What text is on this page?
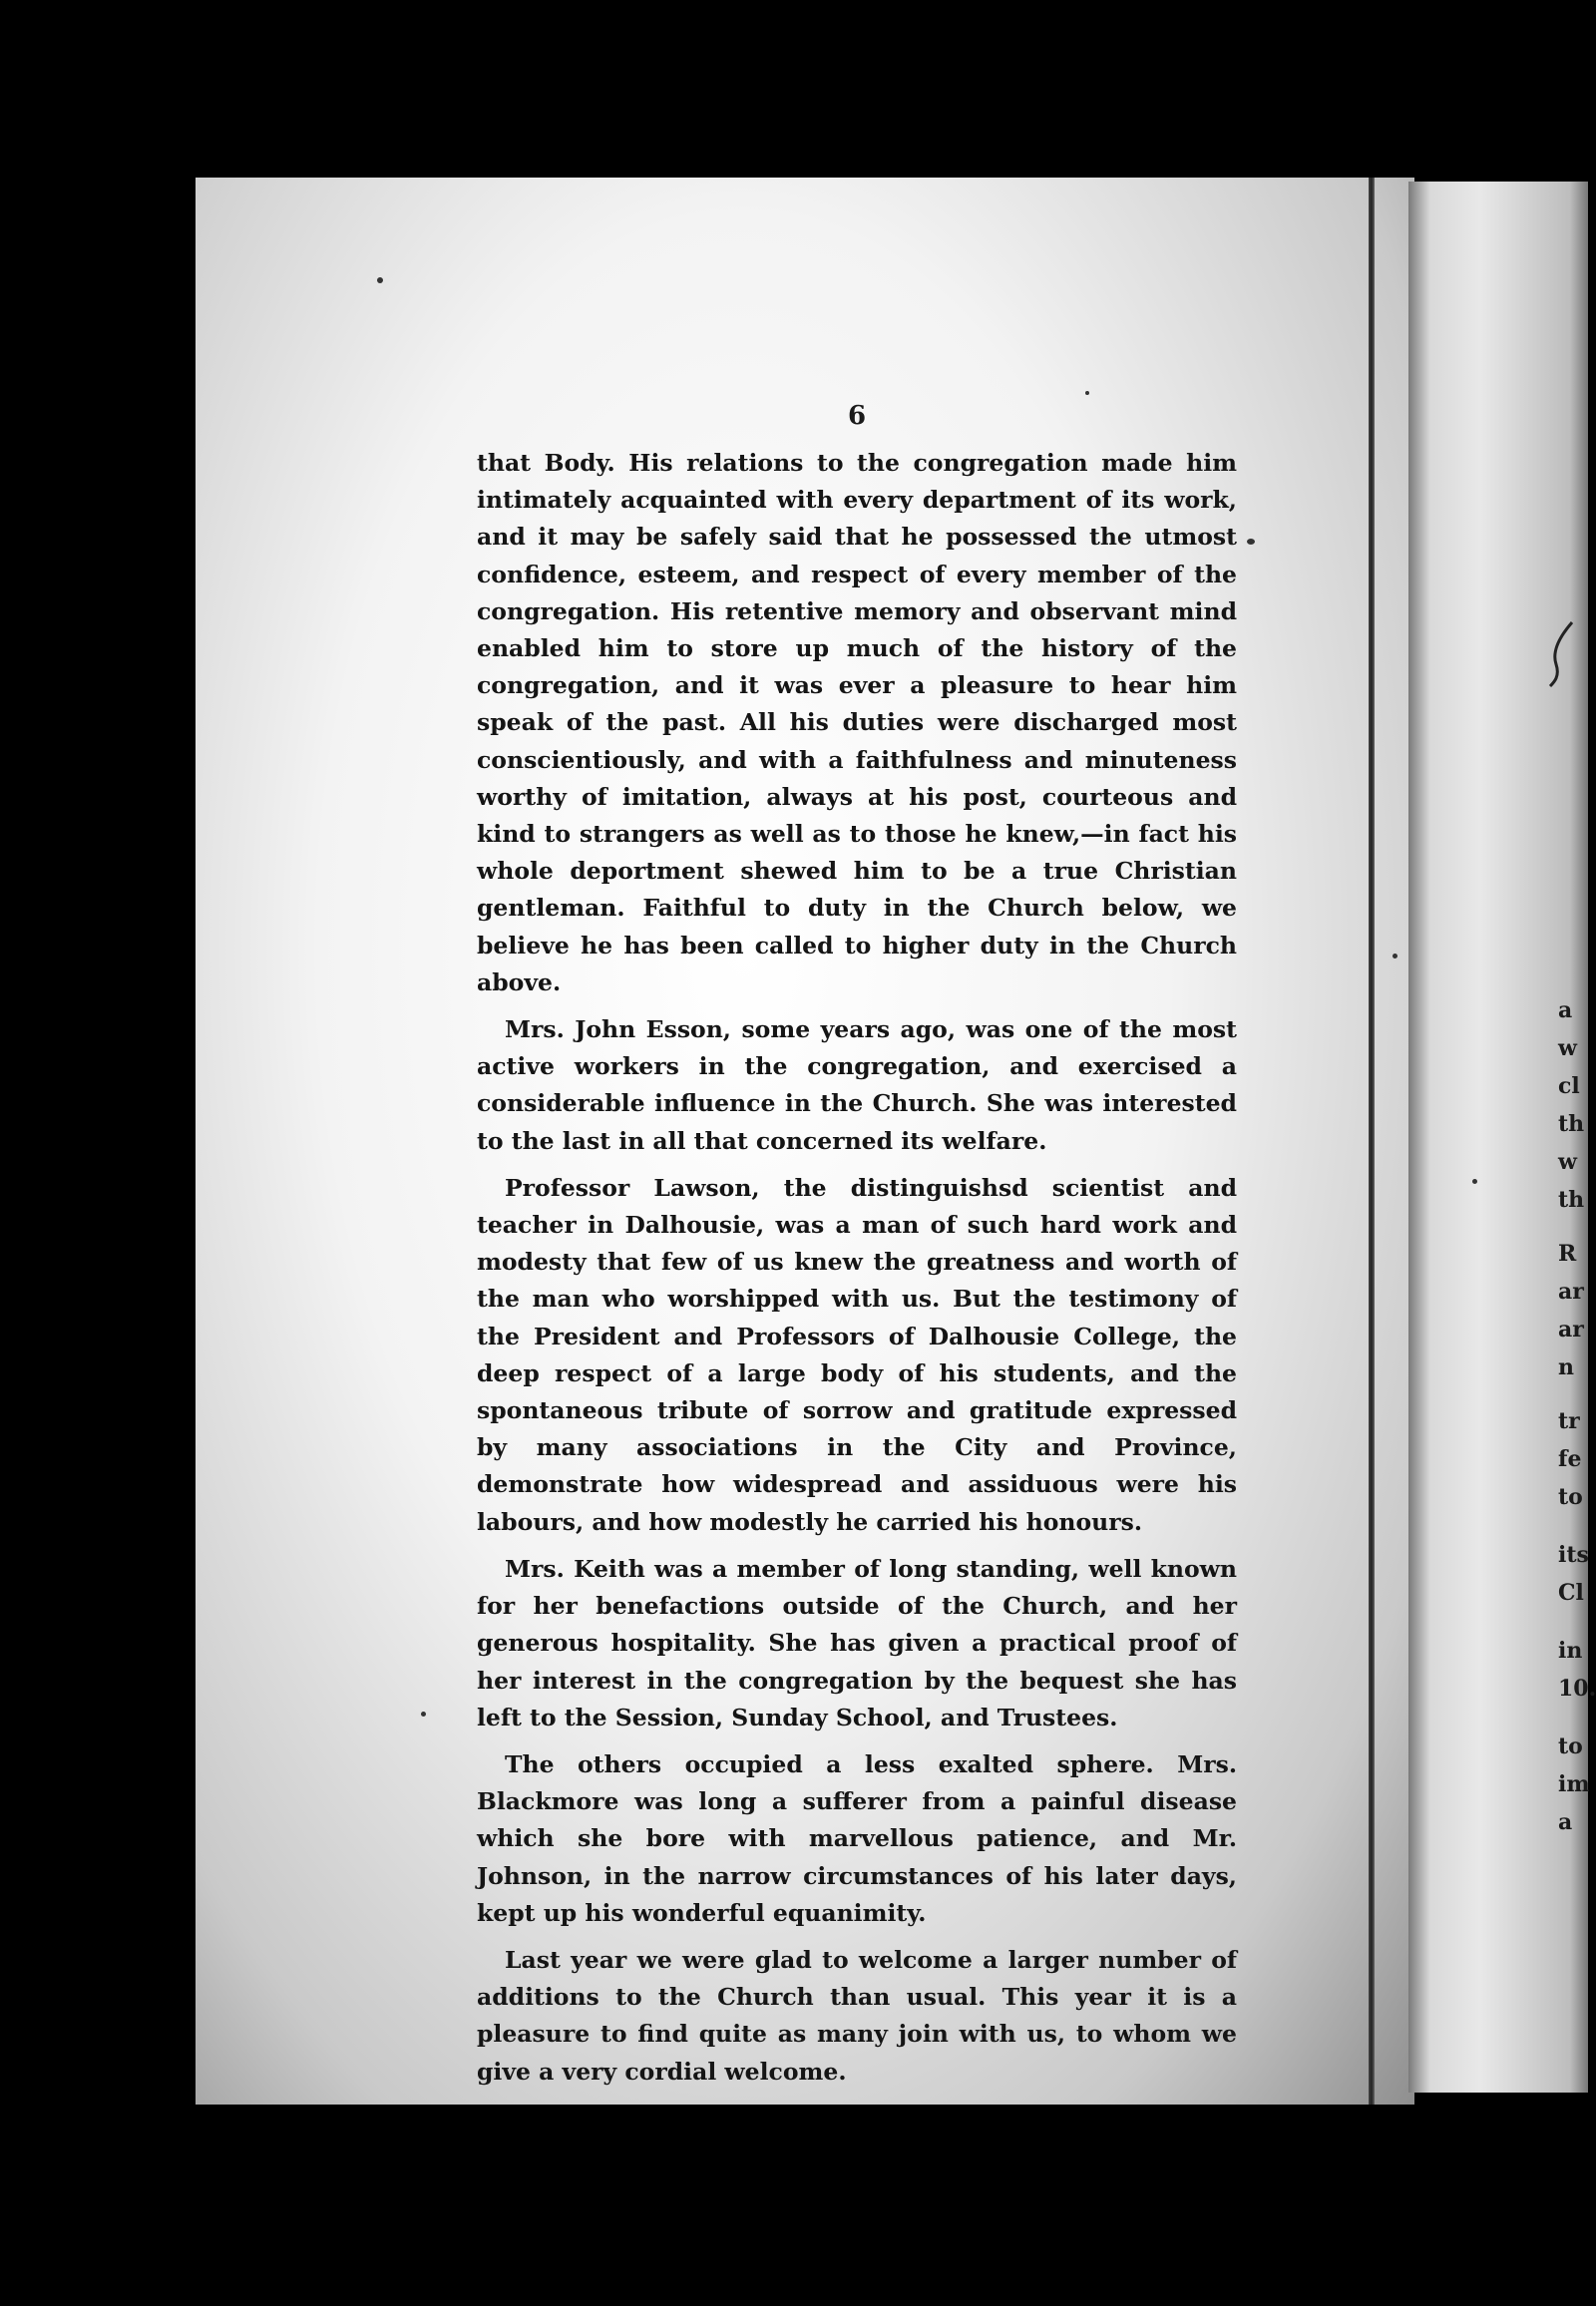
6

that Body. His relations to the congregation made him intimately acquainted with every department of its work, and it may be safely said that he possessed the utmost confidence, esteem, and respect of every member of the congregation. His retentive memory and observant mind enabled him to store up much of the history of the congregation, and it was ever a pleasure to hear him speak of the past. All his duties were discharged most conscientiously, and with a faithfulness and minuteness worthy of imitation, always at his post, courteous and kind to strangers as well as to those he knew,—in fact his whole deportment shewed him to be a true Christian gentleman. Faithful to duty in the Church below, we believe he has been called to higher duty in the Church above.

Mrs. John Esson, some years ago, was one of the most active workers in the congregation, and exercised a considerable influence in the Church. She was interested to the last in all that concerned its welfare.

Professor Lawson, the distinguishsd scientist and teacher in Dalhousie, was a man of such hard work and modesty that few of us knew the greatness and worth of the man who worshipped with us. But the testimony of the President and Professors of Dalhousie College, the deep respect of a large body of his students, and the spontaneous tribute of sorrow and gratitude expressed by many associations in the City and Province, demonstrate how widespread and assiduous were his labours, and how modestly he carried his honours.

Mrs. Keith was a member of long standing, well known for her benefactions outside of the Church, and her generous hospitality. She has given a practical proof of her interest in the congregation by the bequest she has left to the Session, Sunday School, and Trustees.

The others occupied a less exalted sphere. Mrs. Blackmore was long a sufferer from a painful disease which she bore with marvellous patience, and Mr. Johnson, in the narrow circumstances of his later days, kept up his wonderful equanimity.

Last year we were glad to welcome a larger number of additions to the Church than usual. This year it is a pleasure to find quite as many join with us, to whom we give a very cordial welcome.

a
w
cl
th
w
th
R
ar
ar
n
tr
fe
to
its
Cl
in
10.
to
im
a
